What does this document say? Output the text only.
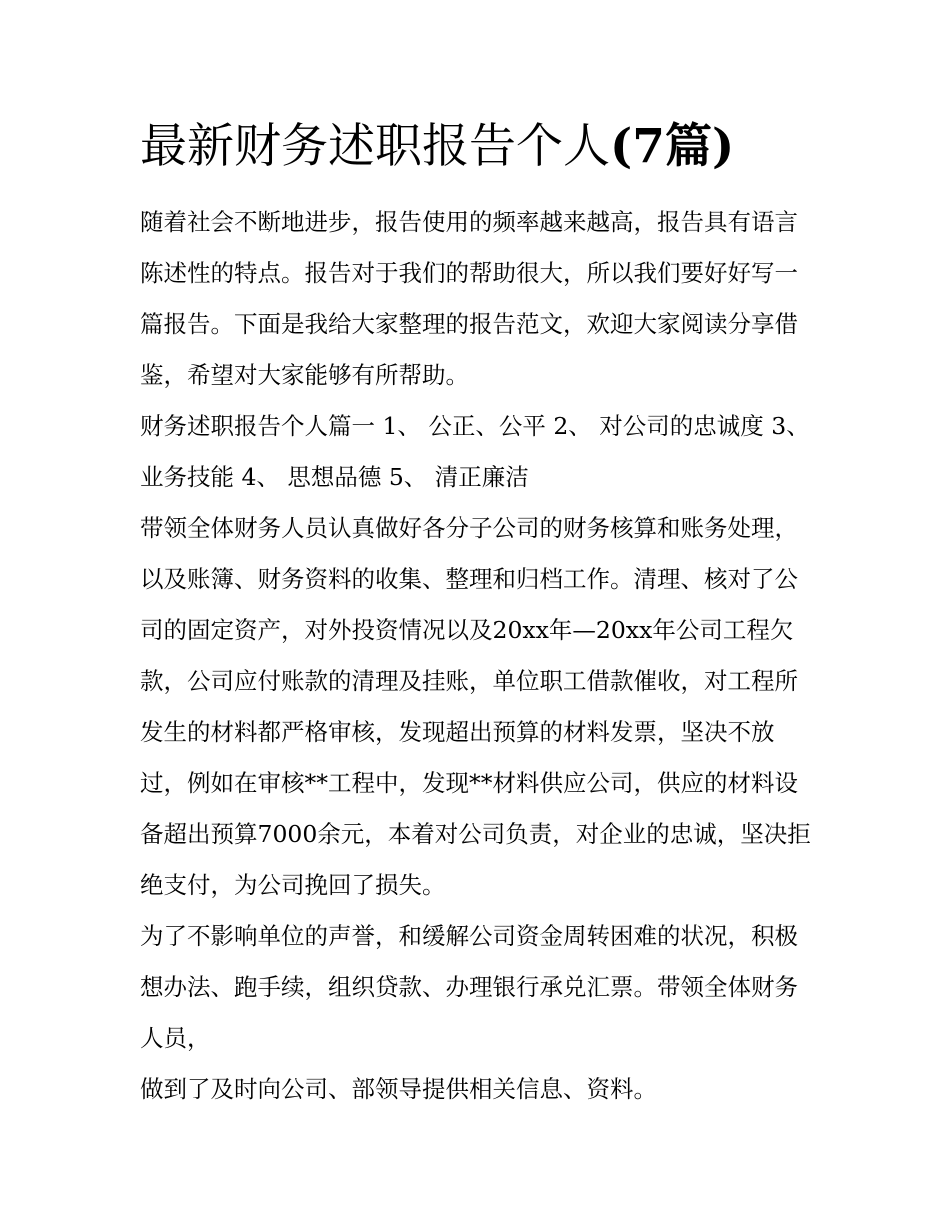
最新财务述职报告个人(7篇)

随着社会不断地进步，报告使用的频率越来越高，报告具有语言陈述性的特点。报告对于我们的帮助很大，所以我们要好好写一篇报告。下面是我给大家整理的报告范文，欢迎大家阅读分享借鉴，希望对大家能够有所帮助。

财务述职报告个人篇一 1、 公正、公平 2、 对公司的忠诚度 3、 业务技能 4、 思想品德 5、 清正廉洁

带领全体财务人员认真做好各分子公司的财务核算和账务处理，以及账簿、财务资料的收集、整理和归档工作。清理、核对了公司的固定资产，对外投资情况以及20xx年—20xx年公司工程欠款，公司应付账款的清理及挂账，单位职工借款催收，对工程所发生的材料都严格审核，发现超出预算的材料发票，坚决不放过，例如在审核**工程中，发现**材料供应公司，供应的材料设备超出预算7000余元，本着对公司负责，对企业的忠诚，坚决拒绝支付，为公司挽回了损失。

为了不影响单位的声誉，和缓解公司资金周转困难的状况，积极想办法、跑手续，组织贷款、办理银行承兑汇票。带领全体财务人员，

做到了及时向公司、部领导提供相关信息、资料。
